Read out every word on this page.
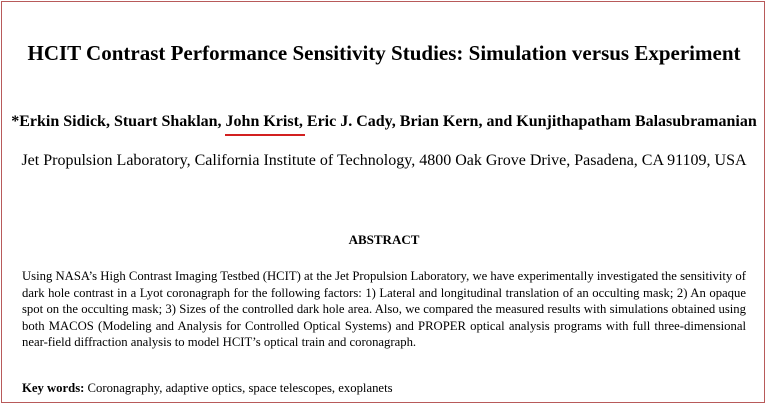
HCIT Contrast Performance Sensitivity Studies: Simulation versus Experiment
*Erkin Sidick, Stuart Shaklan, John Krist, Eric J. Cady, Brian Kern, and Kunjithapatham Balasubramanian
Jet Propulsion Laboratory, California Institute of Technology, 4800 Oak Grove Drive, Pasadena, CA 91109, USA
ABSTRACT
Using NASA’s High Contrast Imaging Testbed (HCIT) at the Jet Propulsion Laboratory, we have experimentally investigated the sensitivity of dark hole contrast in a Lyot coronagraph for the following factors: 1) Lateral and longitudinal translation of an occulting mask; 2) An opaque spot on the occulting mask; 3) Sizes of the controlled dark hole area. Also, we compared the measured results with simulations obtained using both MACOS (Modeling and Analysis for Controlled Optical Systems) and PROPER optical analysis programs with full three-dimensional near-field diffraction analysis to model HCIT’s optical train and coronagraph.
Key words: Coronagraphy, adaptive optics, space telescopes, exoplanets
